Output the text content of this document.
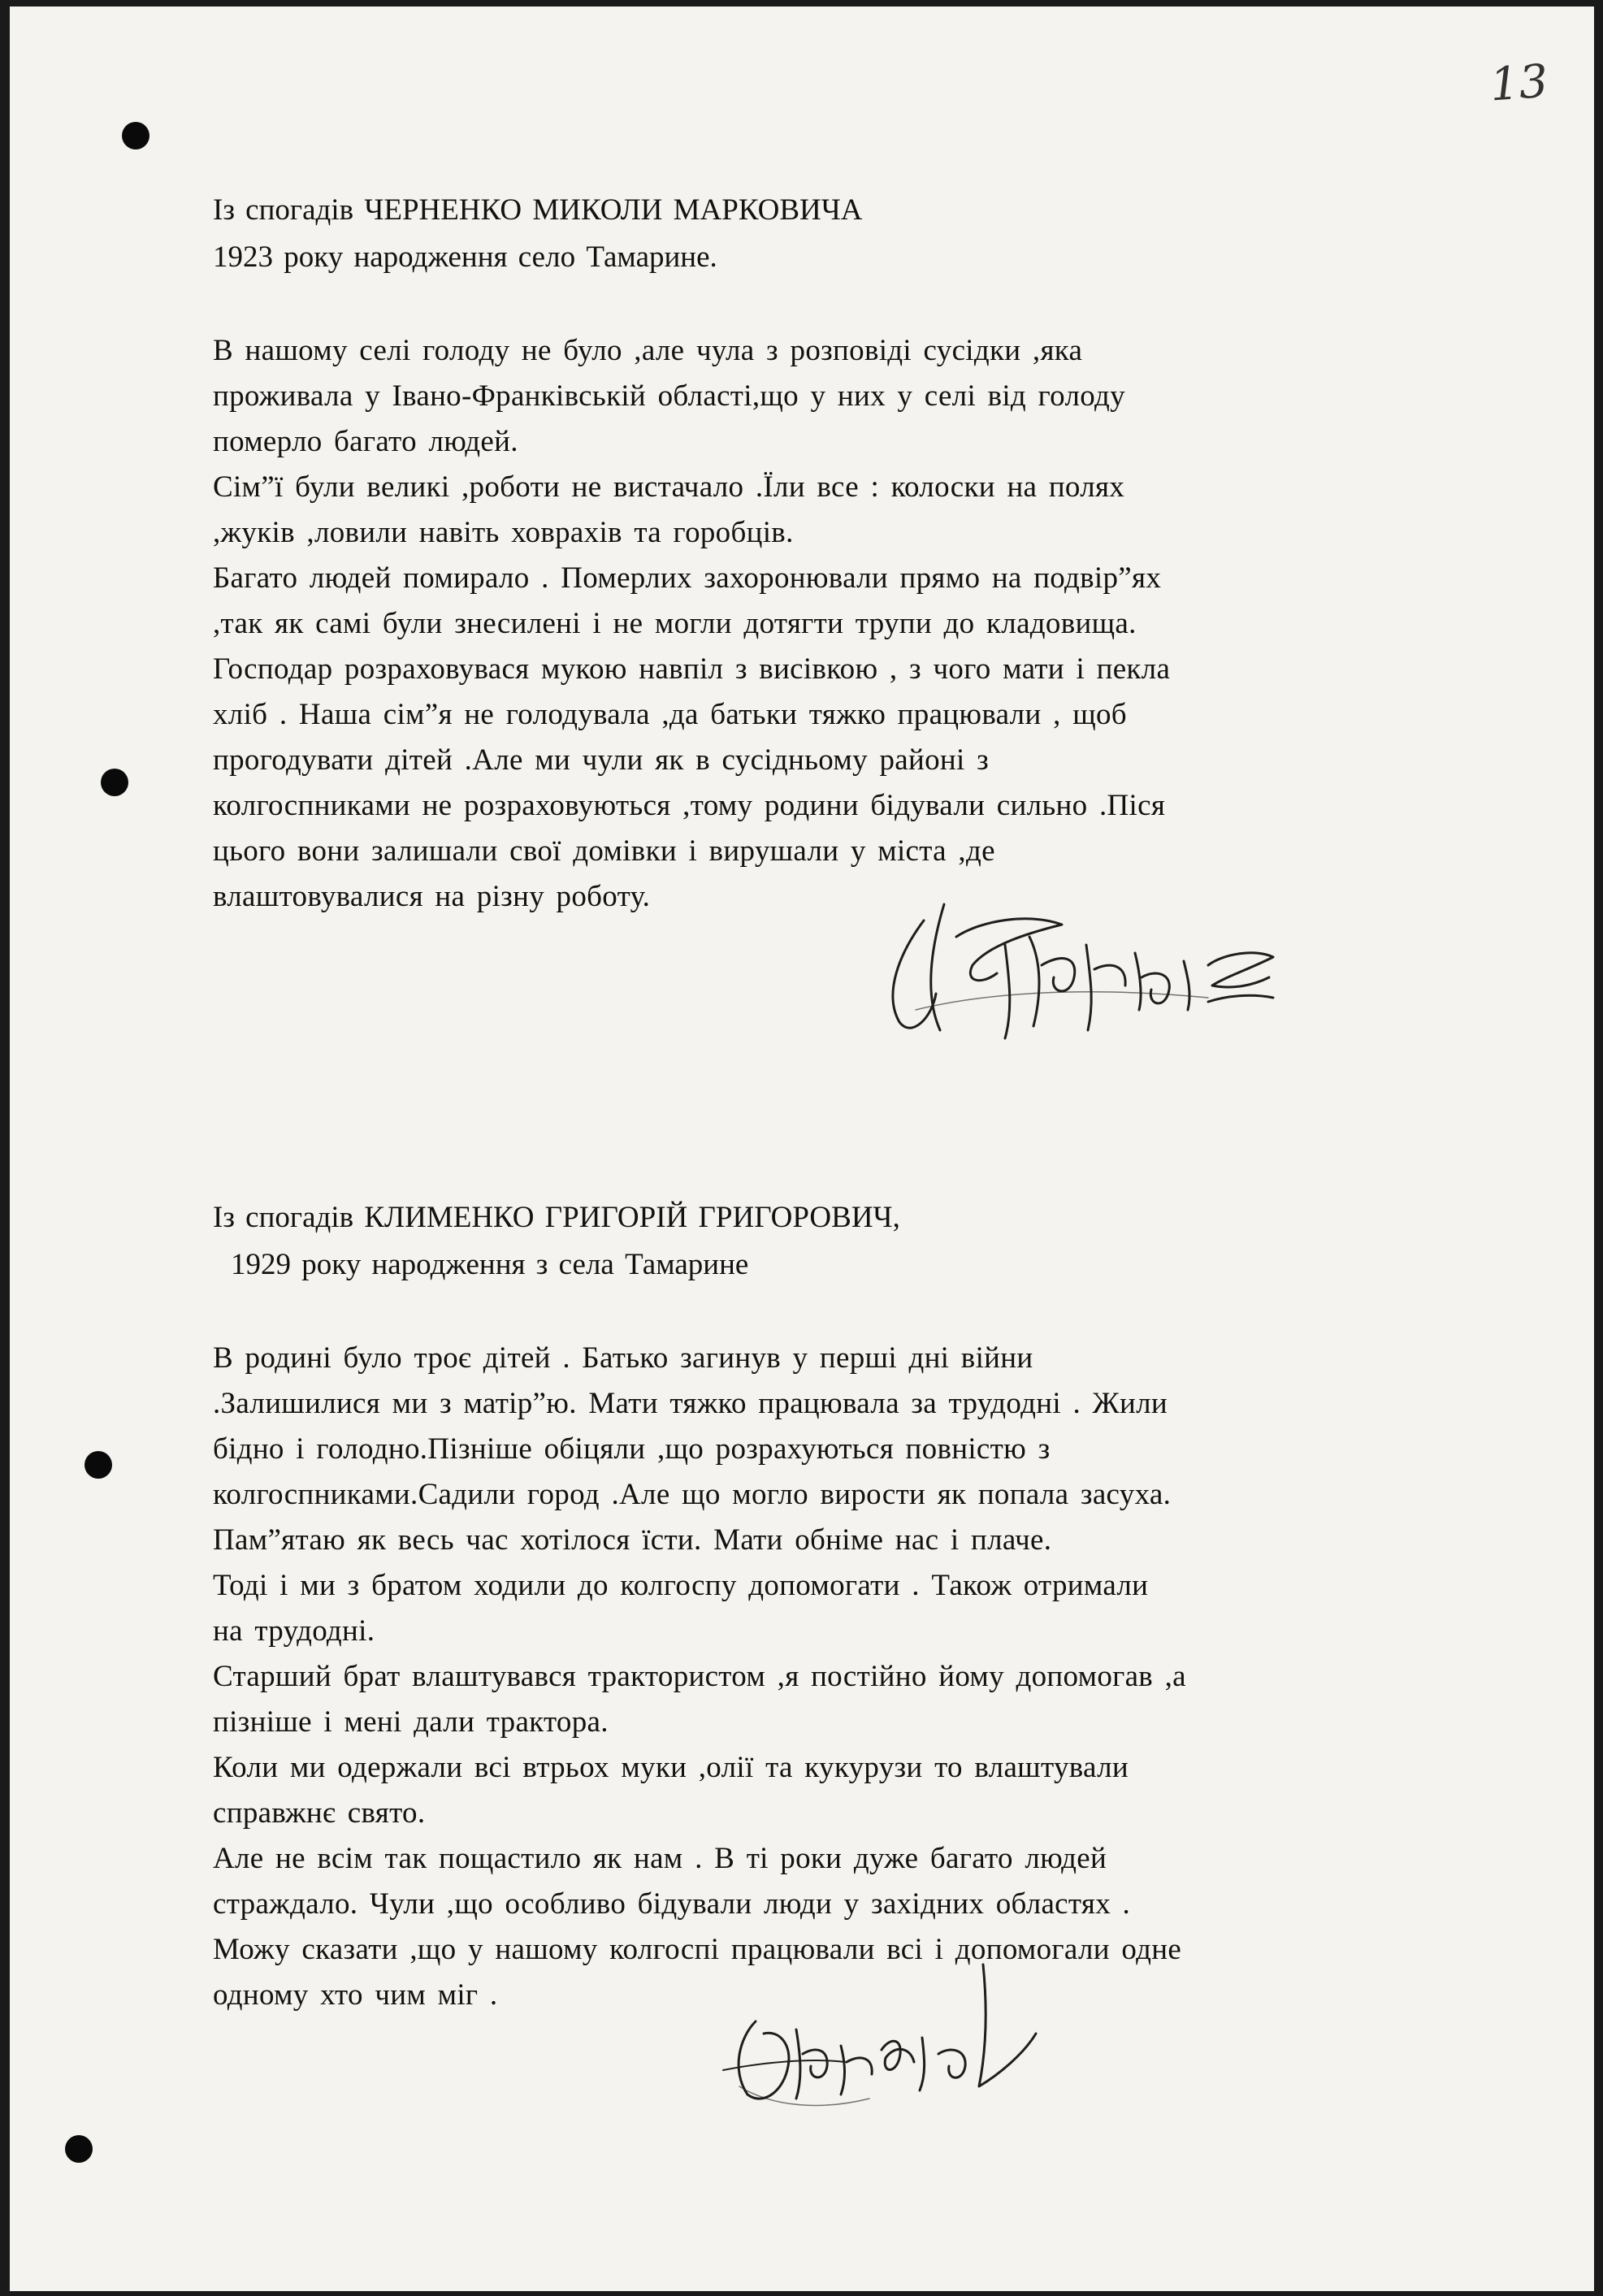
13
Із спогадів ЧЕРНЕНКО МИКОЛИ МАРКОВИЧА
1923 року народження село Тамарине.
В нашому селі голоду не було ,але чула з розповіді сусідки ,яка
проживала у Івано-Франківській області,що у них у селі від голоду
померло багато людей.
Сім”ї були великі ,роботи не вистачало .Їли все : колоски на полях
,жуків ,ловили навіть ховрахів та горобців.
Багато людей помирало . Померлих захоронювали прямо на подвір”ях
,так як самі були знесилені і не могли дотягти трупи до кладовища.
Господар розраховувася мукою навпіл з висівкою , з чого мати і пекла
хліб . Наша сім”я не голодувала ,да батьки тяжко працювали , щоб
прогодувати дітей .Але ми чули як в сусідньому районі з
колгоспниками не розраховуються ,тому родини бідували сильно .Піся
цього вони залишали свої домівки і вирушали у міста ,де
влаштовувалися на різну роботу.
Із спогадів КЛИМЕНКО ГРИГОРІЙ ГРИГОРОВИЧ,
1929 року народження з села Тамарине
В родині було троє дітей . Батько загинув у перші дні війни
.Залишилися ми з матір”ю. Мати тяжко працювала за трудодні . Жили
бідно і голодно.Пізніше обіцяли ,що розрахуються повністю з
колгоспниками.Садили город .Але що могло вирости як попала засуха.
Пам”ятаю як весь час хотілося їсти. Мати обніме нас і плаче.
Тоді і ми з братом ходили до колгоспу допомогати . Також отримали
на трудодні.
Старший брат влаштувався трактористом ,я постійно йому допомогав ,а
пізніше і мені дали трактора.
Коли ми одержали всі втрьох муки ,олії та кукурузи то влаштували
справжнє свято.
Але не всім так пощастило як нам . В ті роки дуже багато людей
страждало. Чули ,що особливо бідували люди у західних областях .
Можу сказати ,що у нашому колгоспі працювали всі і допомогали одне
одному хто чим міг .
